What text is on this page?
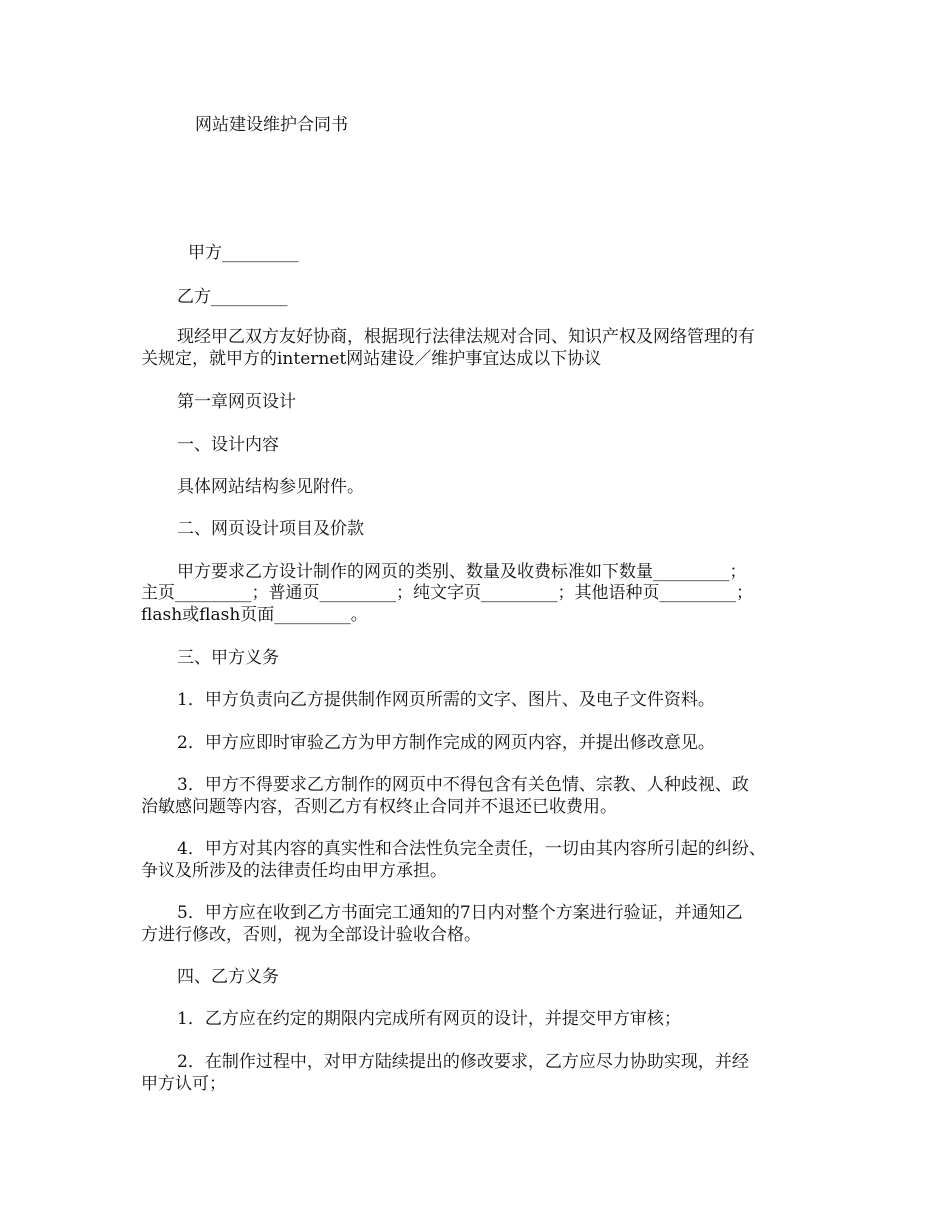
网站建设维护合同书
甲方_________
乙方_________
现经甲乙双方友好协商，根据现行法律法规对合同、知识产权及网络管理的有
关规定，就甲方的internet网站建设／维护事宜达成以下协议
第一章网页设计
一、设计内容
具体网站结构参见附件。
二、网页设计项目及价款
甲方要求乙方设计制作的网页的类别、数量及收费标准如下数量_________；
主页_________；普通页_________；纯文字页_________；其他语种页_________；
flash或flash页面_________。
三、甲方义务
1．甲方负责向乙方提供制作网页所需的文字、图片、及电子文件资料。
2．甲方应即时审验乙方为甲方制作完成的网页内容，并提出修改意见。
3．甲方不得要求乙方制作的网页中不得包含有关色情、宗教、人种歧视、政
治敏感问题等内容，否则乙方有权终止合同并不退还已收费用。
4．甲方对其内容的真实性和合法性负完全责任，一切由其内容所引起的纠纷、
争议及所涉及的法律责任均由甲方承担。
5．甲方应在收到乙方书面完工通知的7日内对整个方案进行验证，并通知乙
方进行修改，否则，视为全部设计验收合格。
四、乙方义务
1．乙方应在约定的期限内完成所有网页的设计，并提交甲方审核；
2．在制作过程中，对甲方陆续提出的修改要求，乙方应尽力协助实现，并经
甲方认可；
